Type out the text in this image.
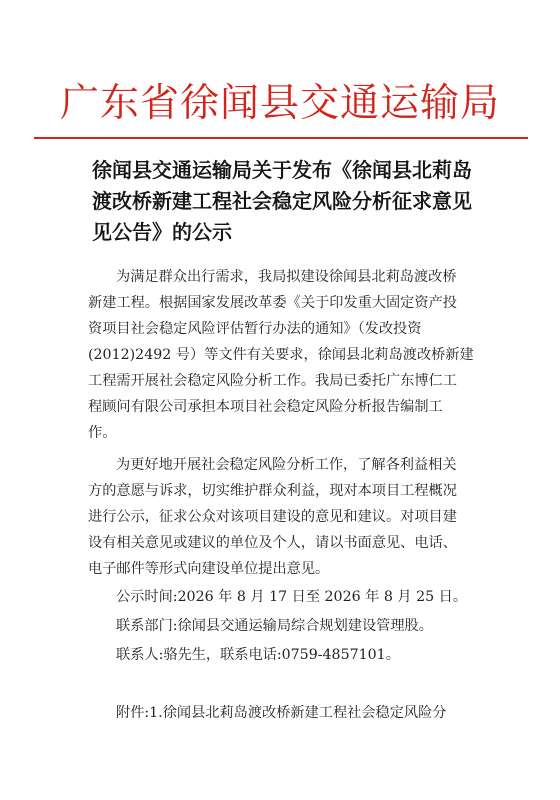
广东省徐闻县交通运输局
徐闻县交通运输局关于发布《徐闻县北莉岛
渡改桥新建工程社会稳定风险分析征求意见
见公告》的公示
为满足群众出行需求，我局拟建设徐闻县北莉岛渡改桥
新建工程。根据国家发展改革委《关于印发重大固定资产投
资项目社会稳定风险评估暂行办法的通知》（发改投资
(2012)2492 号）等文件有关要求，徐闻县北莉岛渡改桥新建
工程需开展社会稳定风险分析工作。我局已委托广东博仁工
程顾问有限公司承担本项目社会稳定风险分析报告编制工
作。
为更好地开展社会稳定风险分析工作，了解各利益相关
方的意愿与诉求，切实维护群众利益，现对本项目工程概况
进行公示，征求公众对该项目建设的意见和建议。对项目建
设有相关意见或建议的单位及个人，请以书面意见、电话、
电子邮件等形式向建设单位提出意见。
公示时间:2026 年 8 月 17 日至 2026 年 8 月 25 日。
联系部门:徐闻县交通运输局综合规划建设管理股。
联系人:骆先生，联系电话:0759-4857101。
附件:1.徐闻县北莉岛渡改桥新建工程社会稳定风险分
